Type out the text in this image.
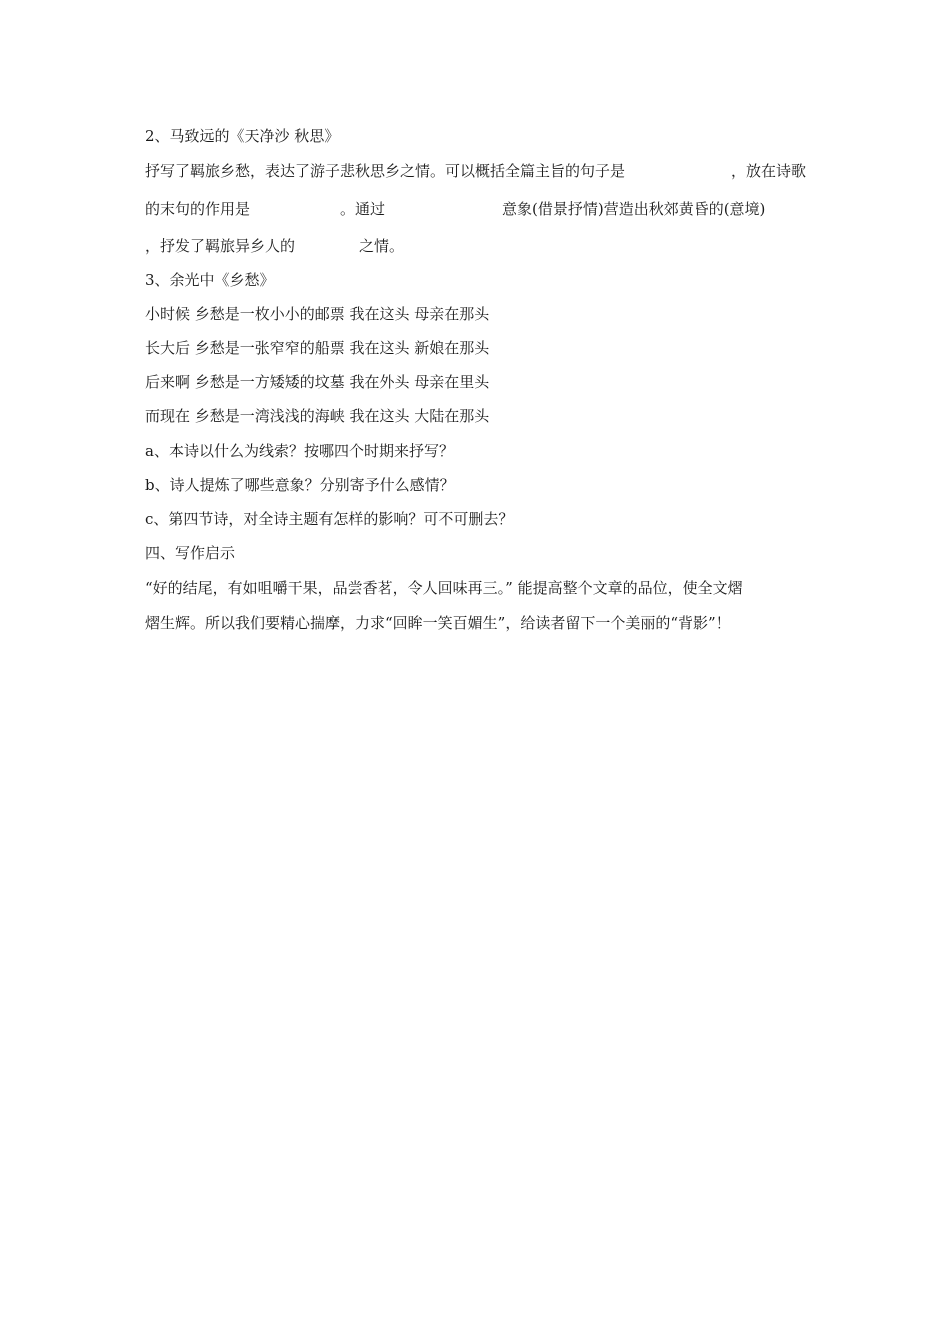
2、马致远的《天净沙 秋思》
抒写了羁旅乡愁，表达了游子悲秋思乡之情。可以概括全篇主旨的句子是	，放在诗歌
的末句的作用是	。通过	意象(借景抒情)营造出秋郊黄昏的(意境)
，抒发了羁旅异乡人的	之情。
3、余光中《乡愁》
小时候 乡愁是一枚小小的邮票 我在这头 母亲在那头
长大后 乡愁是一张窄窄的船票 我在这头 新娘在那头
后来啊 乡愁是一方矮矮的坟墓 我在外头 母亲在里头
而现在 乡愁是一湾浅浅的海峡 我在这头 大陆在那头
a、本诗以什么为线索？按哪四个时期来抒写？
b、诗人提炼了哪些意象？分别寄予什么感情？
c、第四节诗，对全诗主题有怎样的影响？可不可删去？
四、写作启示
“好的结尾，有如咀嚼干果，品尝香茗，令人回味再三。” 能提高整个文章的品位，使全文熠
熠生辉。所以我们要精心揣摩，力求“回眸一笑百媚生”，给读者留下一个美丽的“背影”！
